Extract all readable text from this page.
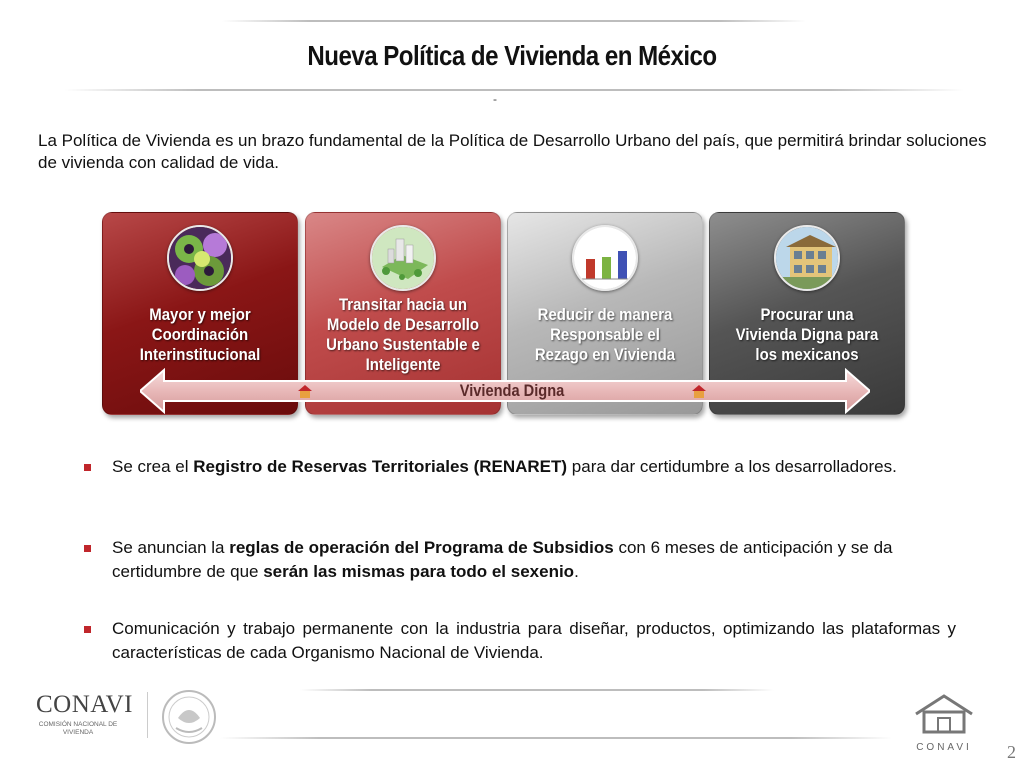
Nueva Política de Vivienda en México
-

La Política de Vivienda es un brazo fundamental de la Política de Desarrollo Urbano del país, que permitirá brindar soluciones de vivienda con calidad de vida.

Mayor y mejor Coordinación Interinstitucional
Transitar hacia un Modelo de Desarrollo Urbano Sustentable e Inteligente
Reducir de manera Responsable el Rezago en Vivienda
Procurar una Vivienda Digna para los mexicanos
Vivienda Digna
Se crea el Registro de Reservas Territoriales (RENARET) para dar certidumbre a los desarrolladores.
Se anuncian la reglas de operación del Programa de Subsidios con 6 meses de anticipación y se da certidumbre de que serán las mismas para todo el sexenio.
Comunicación y trabajo permanente con la industria para diseñar, productos, optimizando las plataformas y características de cada Organismo Nacional de Vivienda.
CONAVI
COMISIÓN NACIONAL DE VIVIENDA
CONAVI 2
